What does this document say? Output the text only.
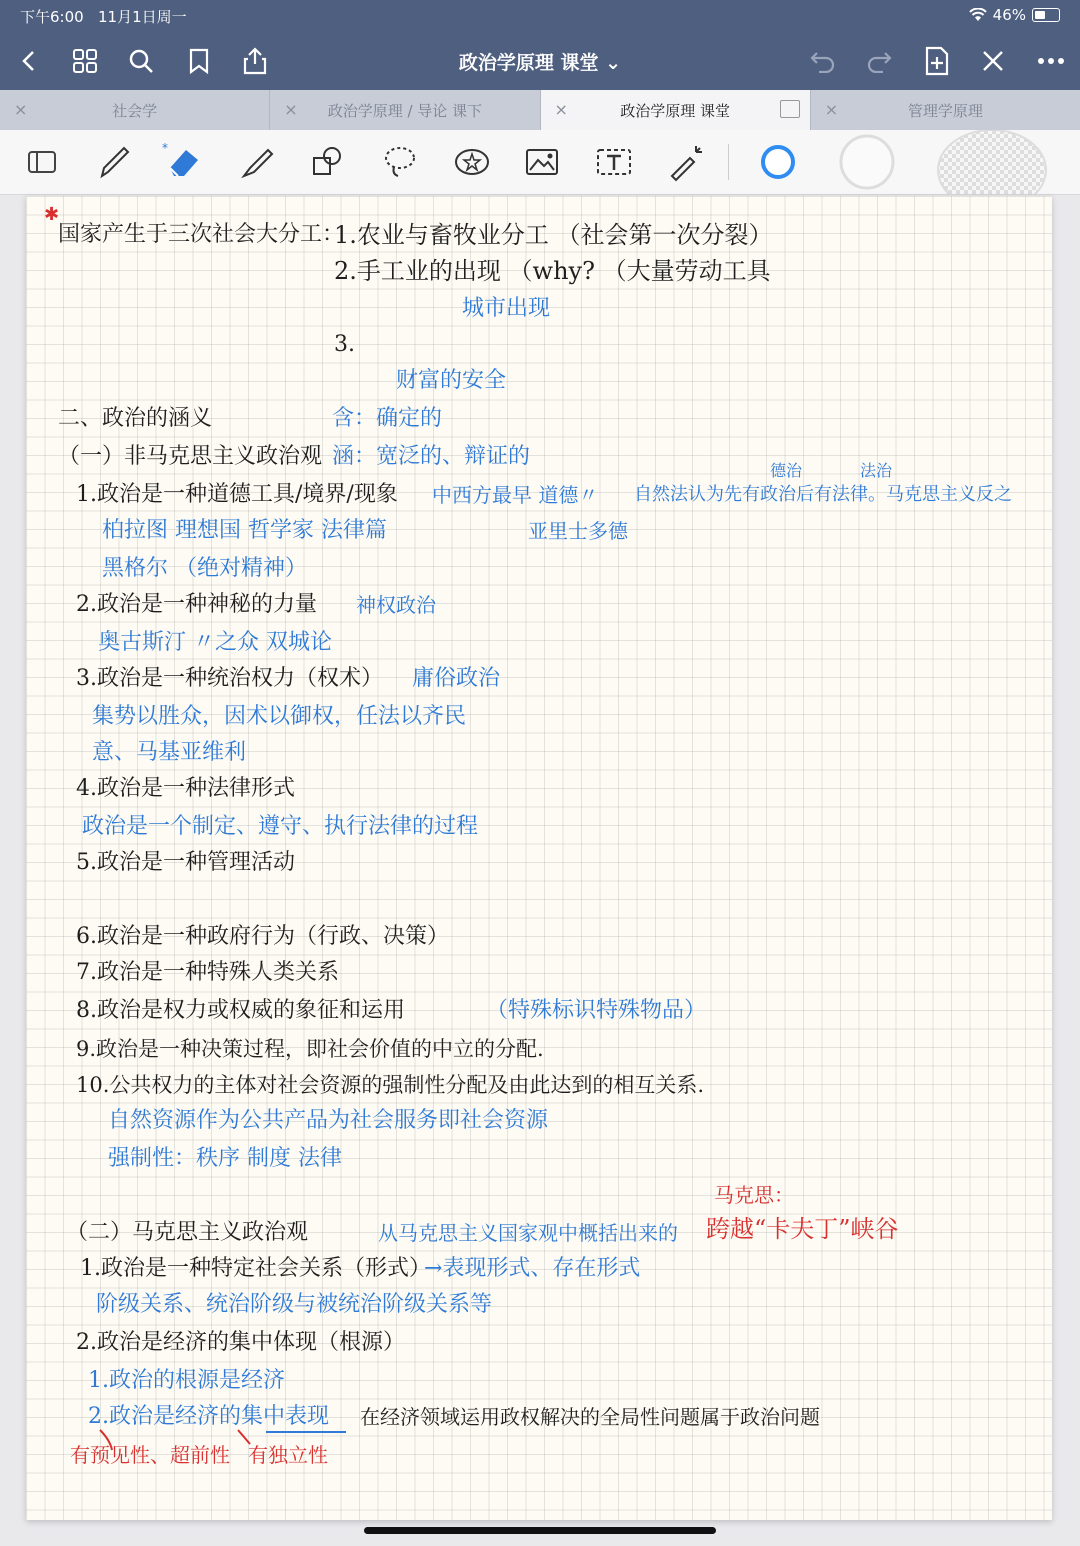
下午6:00 11月1日周一	46%
政治学原理 课堂 ⌄
×	社会学	× 政治学原理 / 导论 课下	×	政治学原理 课堂	×	管理学原理
*
✱
国家产生于三次社会大分工：
1.农业与畜牧业分工 （社会第一次分裂）
2.手工业的出现 （why? （大量劳动工具
城市出现
3.
财富的安全
二、政治的涵义	含：确定的
（一）非马克思主义政治观 涵：宽泛的、辩证的
德治	法治
1.政治是一种道德工具/境界/现象 中西方最早 道德〃 自然法认为先有政治后有法律。马克思主义反之
柏拉图 理想国 哲学家 法律篇	亚里士多德
黑格尔 （绝对精神）
2.政治是一种神秘的力量 神权政治
奥古斯汀 〃之众 双城论
3.政治是一种统治权力（权术） 庸俗政治
集势以胜众，因术以御权，任法以齐民
意、马基亚维利
4.政治是一种法律形式
政治是一个制定、遵守、执行法律的过程
5.政治是一种管理活动
6.政治是一种政府行为（行政、决策）
7.政治是一种特殊人类关系
8.政治是权力或权威的象征和运用	（特殊标识特殊物品）
9.政治是一种决策过程，即社会价值的中立的分配.
10.公共权力的主体对社会资源的强制性分配及由此达到的相互关系.
自然资源作为公共产品为社会服务即社会资源
强制性：秩序 制度 法律
马克思：
（二）马克思主义政治观	从马克思主义国家观中概括出来的 跨越“卡夫丁”峡谷
1.政治是一种特定社会关系（形式）
→表现形式、存在形式
阶级关系、统治阶级与被统治阶级关系等
2.政治是经济的集中体现（根源）
1.政治的根源是经济
2.政治是经济的集中表现 在经济领域运用政权解决的全局性问题属于政治问题
有预见性、超前性 有独立性
